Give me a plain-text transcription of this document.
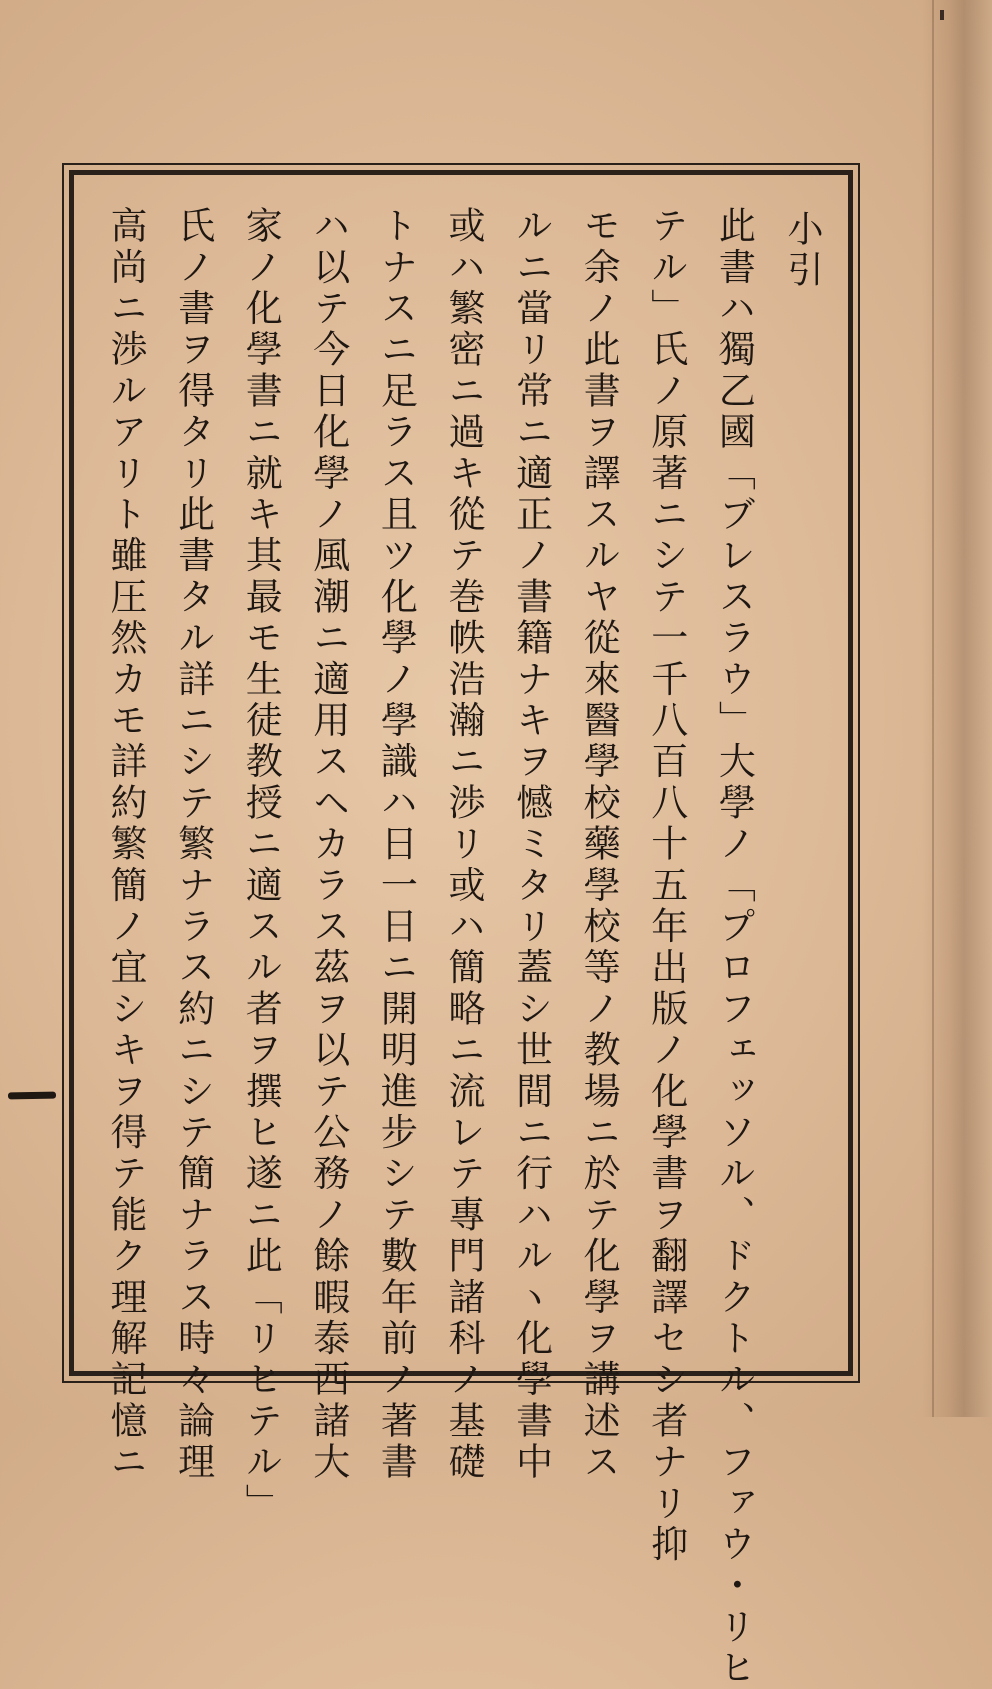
小引
此書ハ獨乙國「ブレスラウ」大學ノ「プロフェッソル、ドクトル、ファウ・リヒ
テル」氏ノ原著ニシテ一千八百八十五年出版ノ化學書ヲ翻譯セシ者ナリ抑
モ余ノ此書ヲ譯スルヤ從來醫學校藥學校等ノ教場ニ於テ化學ヲ講述ス
ルニ當リ常ニ適正ノ書籍ナキヲ憾ミタリ蓋シ世間ニ行ハルヽ化學書中
或ハ繁密ニ過キ從テ巻帙浩瀚ニ渉リ或ハ簡略ニ流レテ專門諸科ノ基礎
トナスニ足ラス且ツ化學ノ學識ハ日一日ニ開明進步シテ數年前ノ著書
ハ以テ今日化學ノ風潮ニ適用スヘカラス茲ヲ以テ公務ノ餘暇泰西諸大
家ノ化學書ニ就キ其最モ生徒教授ニ適スル者ヲ撰ヒ遂ニ此「リヒテル」
氏ノ書ヲ得タリ此書タル詳ニシテ繁ナラス約ニシテ簡ナラス時々論理
高尚ニ渉ルアリト雖圧然カモ詳約繁簡ノ宜シキヲ得テ能ク理解記憶ニ
